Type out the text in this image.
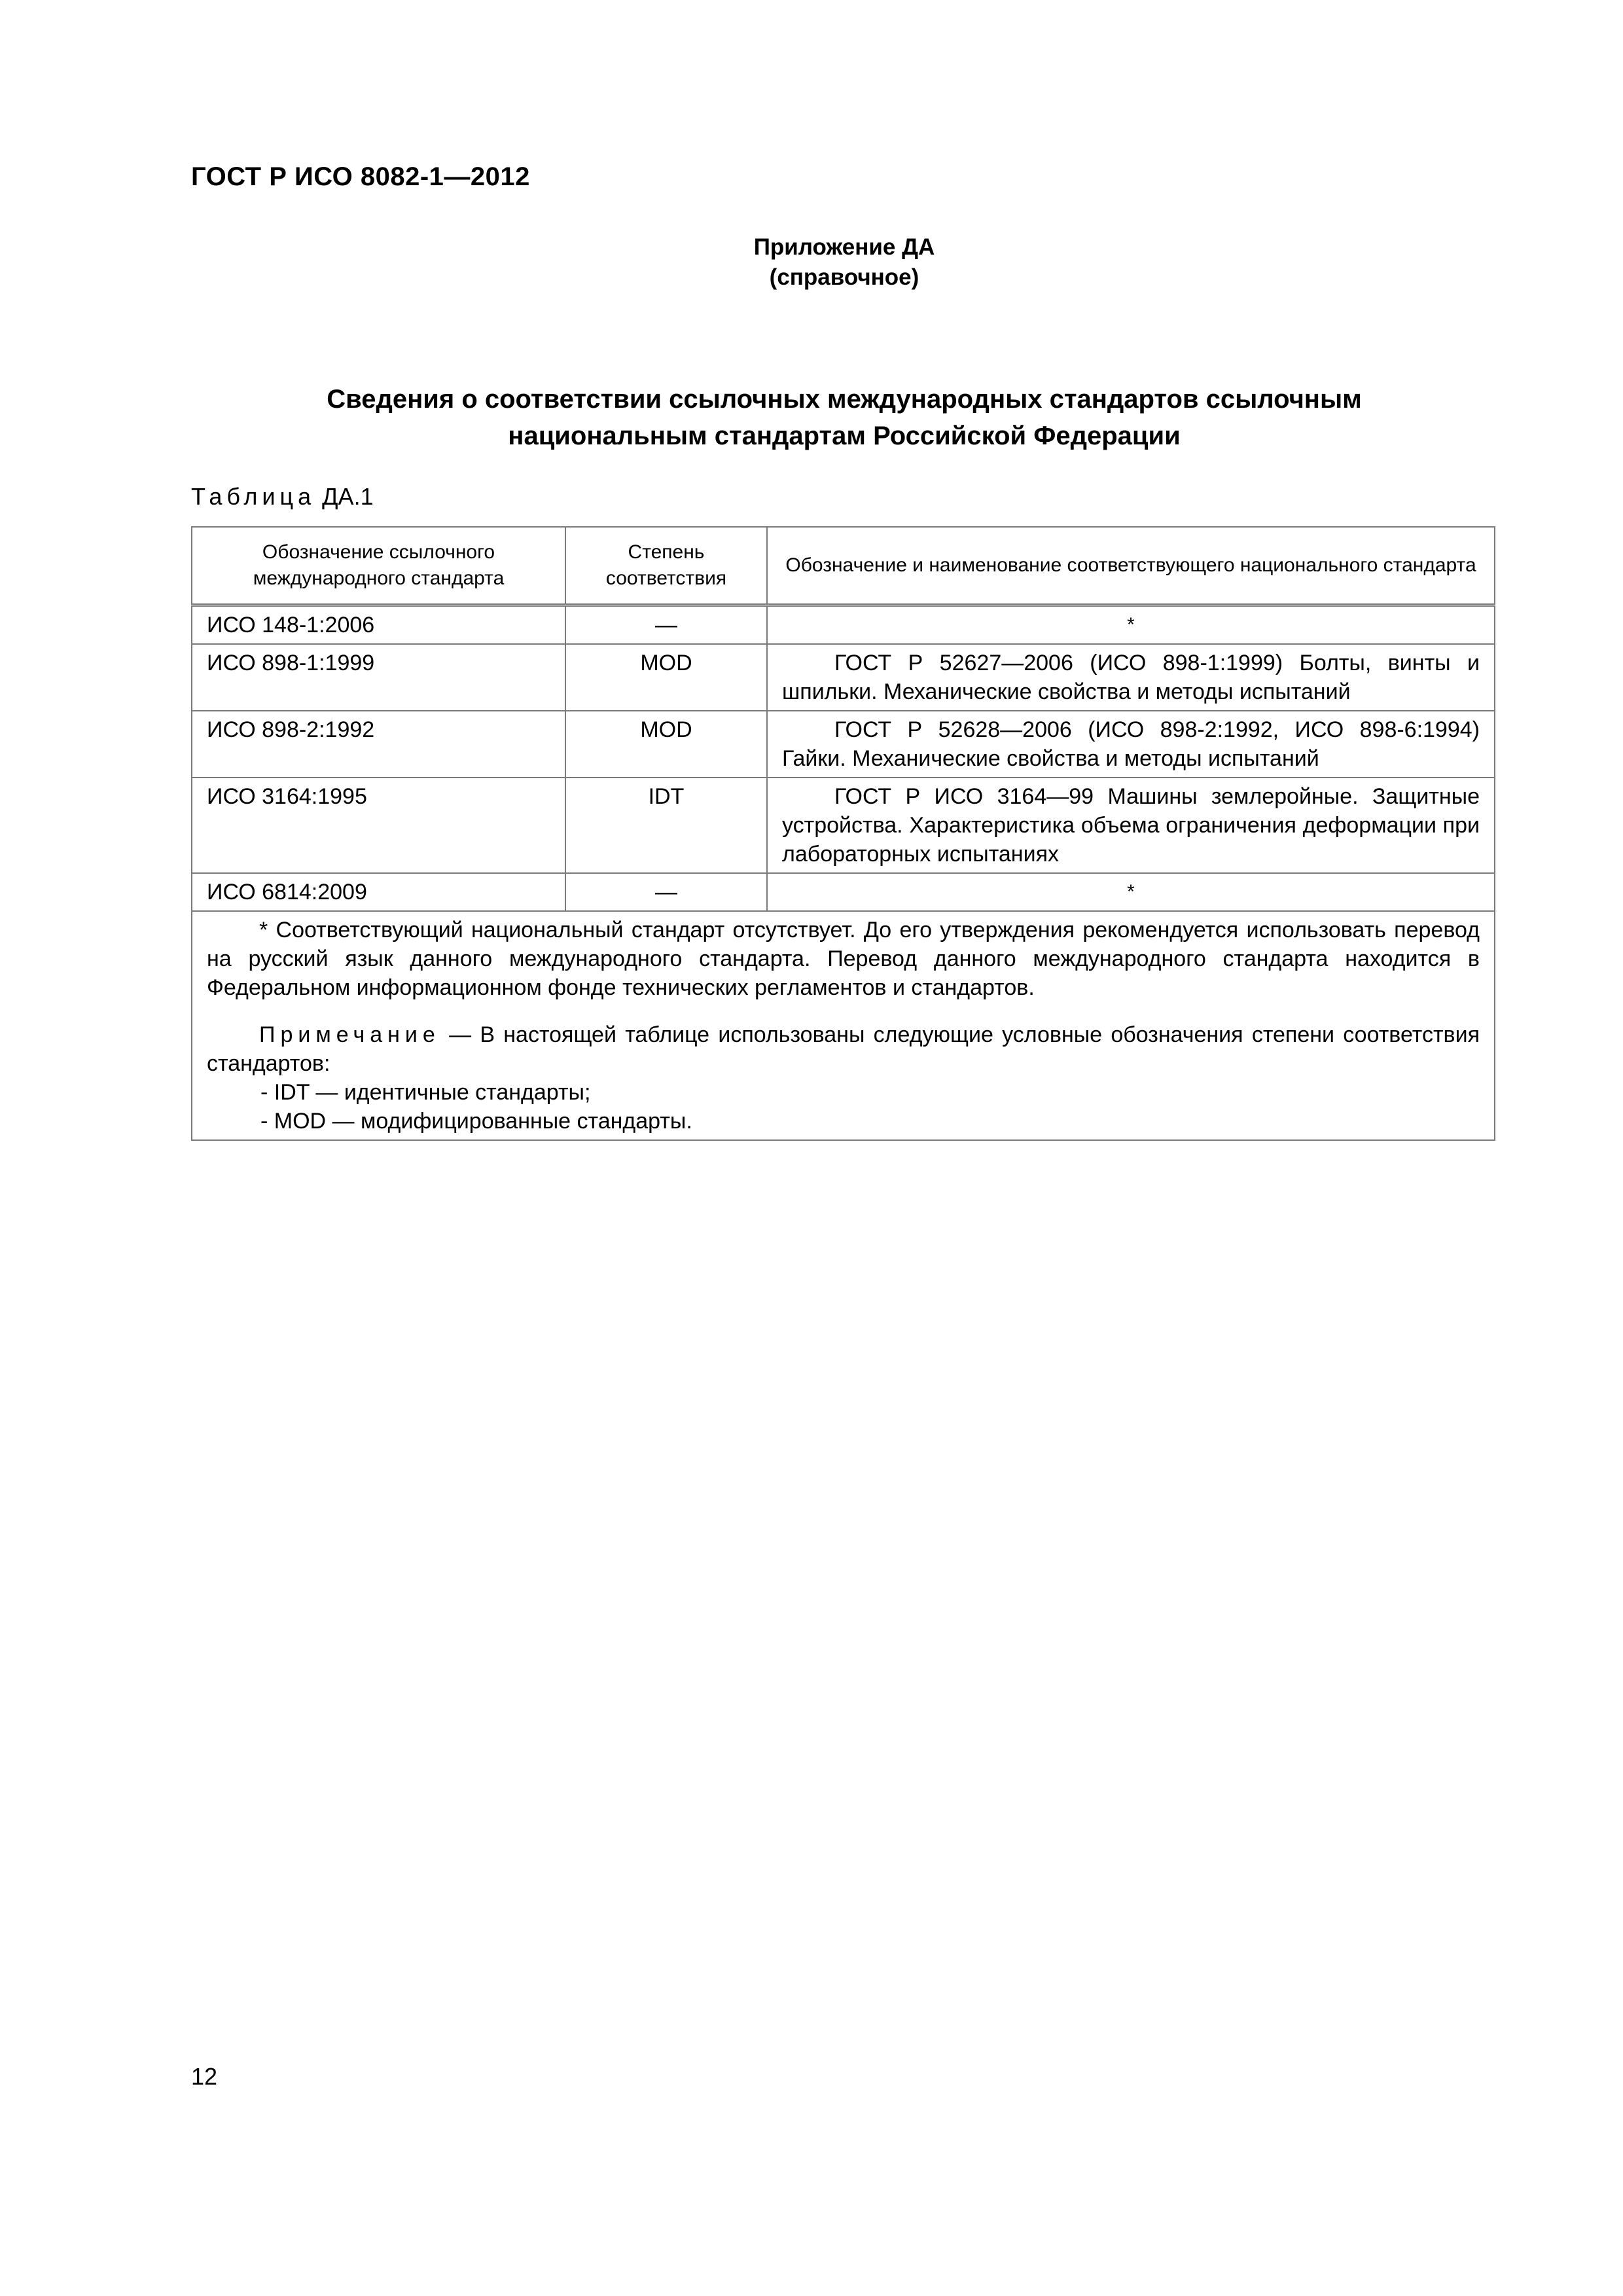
ГОСТ Р ИСО 8082-1—2012
Приложение ДА
(справочное)
Сведения о соответствии ссылочных международных стандартов ссылочным
национальным стандартам Российской Федерации
Таблица ДА.1
Обозначение ссылочного международного стандарта	Степень соответствия	Обозначение и наименование соответствующего национального стандарта
ИСО 148-1:2006	—	*
ИСО 898-1:1999	MOD	ГОСТ Р 52627—2006 (ИСО 898-1:1999) Болты, винты и шпильки. Механические свойства и методы испытаний
ИСО 898-2:1992	MOD	ГОСТ Р 52628—2006 (ИСО 898-2:1992, ИСО 898-6:1994) Гайки. Механические свойства и методы испытаний
ИСО 3164:1995	IDT	ГОСТ Р ИСО 3164—99 Машины землеройные. Защитные устройства. Характеристика объема ограничения деформации при лабораторных испытаниях
ИСО 6814:2009	—	*

* Соответствующий национальный стандарт отсутствует. До его утверждения рекомендуется использовать перевод на русский язык данного международного стандарта. Перевод данного международного стандарта находится в Федеральном информационном фонде технических регламентов и стандартов.

Примечание — В настоящей таблице использованы следующие условные обозначения степени соответствия стандартов:

- IDT — идентичные стандарты;
- MOD — модифицированные стандарты.		
12
